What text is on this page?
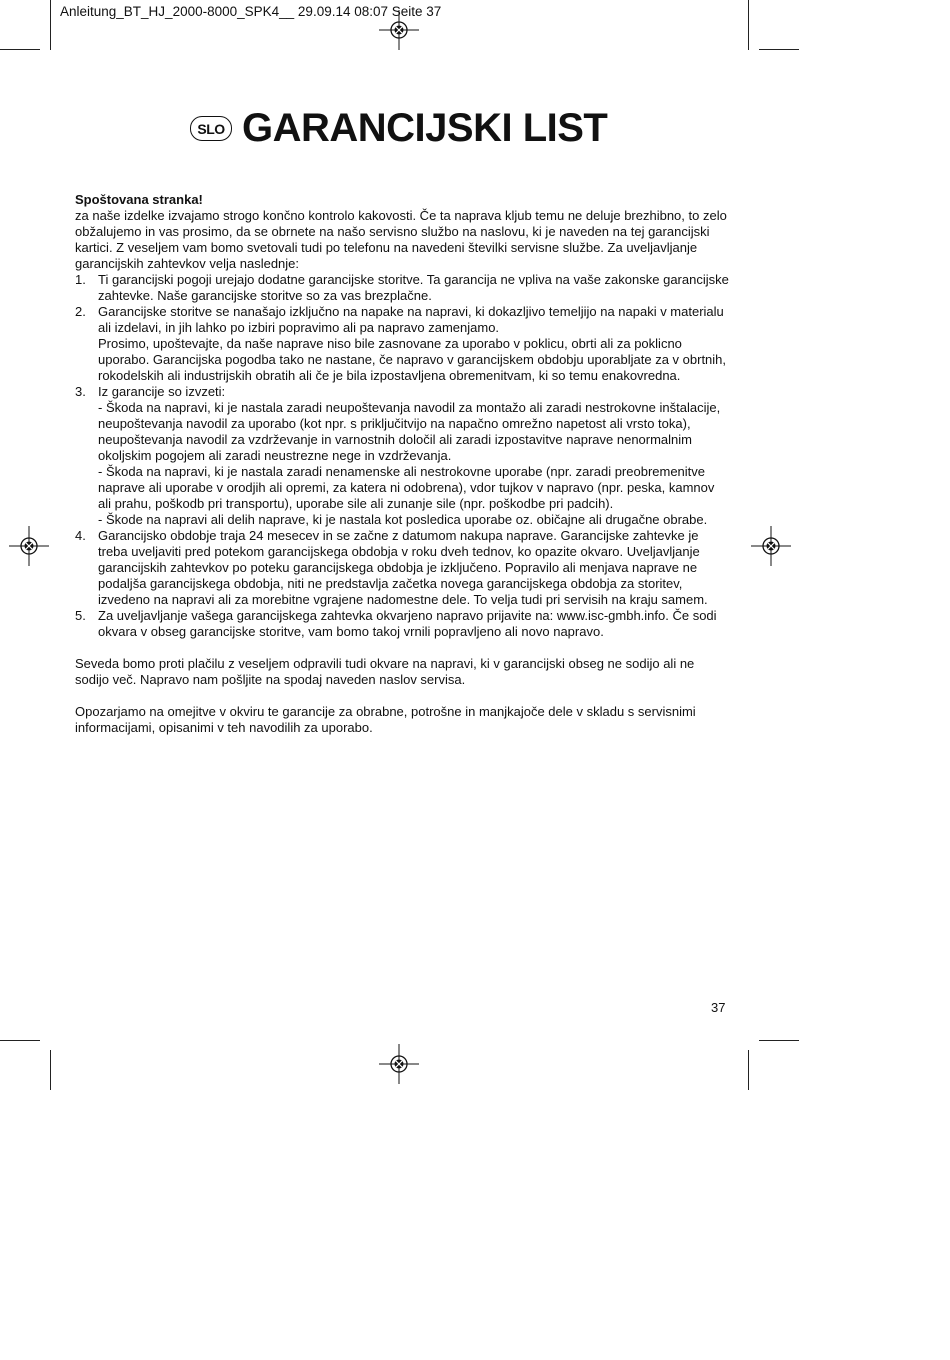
Anleitung_BT_HJ_2000-8000_SPK4__ 29.09.14 08:07 Seite 37
SLO GARANCIJSKI LIST

Spoštovana stranka!

za naše izdelke izvajamo strogo končno kontrolo kakovosti. Če ta naprava kljub temu ne deluje brezhibno, to zelo obžalujemo in vas prosimo, da se obrnete na našo servisno službo na naslovu, ki je naveden na tej garancijski kartici. Z veseljem vam bomo svetovali tudi po telefonu na navedeni številki servisne službe. Za uveljavljanje garancijskih zahtevkov velja naslednje:

1. Ti garancijski pogoji urejajo dodatne garancijske storitve. Ta garancija ne vpliva na vaše zakonske garancijske zahtevke. Naše garancijske storitve so za vas brezplačne.

2. Garancijske storitve se nanašajo izključno na napake na napravi, ki dokazljivo temeljijo na napaki v materialu ali izdelavi, in jih lahko po izbiri popravimo ali pa napravo zamenjamo.

Prosimo, upoštevajte, da naše naprave niso bile zasnovane za uporabo v poklicu, obrti ali za poklicno uporabo. Garancijska pogodba tako ne nastane, če napravo v garancijskem obdobju uporabljate za v obrtnih, rokodelskih ali industrijskih obratih ali če je bila izpostavljena obremenitvam, ki so temu enakovredna.

3. Iz garancije so izvzeti:

- Škoda na napravi, ki je nastala zaradi neupoštevanja navodil za montažo ali zaradi nestrokovne inštalacije, neupoštevanja navodil za uporabo (kot npr. s priključitvijo na napačno omrežno napetost ali vrsto toka), neupoštevanja navodil za vzdrževanje in varnostnih določil ali zaradi izpostavitve naprave nenormalnim okoljskim pogojem ali zaradi neustrezne nege in vzdrževanja.

- Škoda na napravi, ki je nastala zaradi nenamenske ali nestrokovne uporabe (npr. zaradi preobremenitve naprave ali uporabe v orodjih ali opremi, za katera ni odobrena), vdor tujkov v napravo (npr. peska, kamnov ali prahu, poškodb pri transportu), uporabe sile ali zunanje sile (npr. poškodbe pri padcih).

- Škode na napravi ali delih naprave, ki je nastala kot posledica uporabe oz. običajne ali drugačne obrabe.

4. Garancijsko obdobje traja 24 mesecev in se začne z datumom nakupa naprave. Garancijske zahtevke je treba uveljaviti pred potekom garancijskega obdobja v roku dveh tednov, ko opazite okvaro. Uveljavljanje garancijskih zahtevkov po poteku garancijskega obdobja je izključeno. Popravilo ali menjava naprave ne podaljša garancijskega obdobja, niti ne predstavlja začetka novega garancijskega obdobja za storitev, izvedeno na napravi ali za morebitne vgrajene nadomestne dele. To velja tudi pri servisih na kraju samem.

5. Za uveljavljanje vašega garancijskega zahtevka okvarjeno napravo prijavite na: www.isc-gmbh.info. Če sodi okvara v obseg garancijske storitve, vam bomo takoj vrnili popravljeno ali novo napravo.

Seveda bomo proti plačilu z veseljem odpravili tudi okvare na napravi, ki v garancijski obseg ne sodijo ali ne sodijo več. Napravo nam pošljite na spodaj naveden naslov servisa.

Opozarjamo na omejitve v okviru te garancije za obrabne, potrošne in manjkajoče dele v skladu s servisnimi informacijami, opisanimi v teh navodilih za uporabo.

37
